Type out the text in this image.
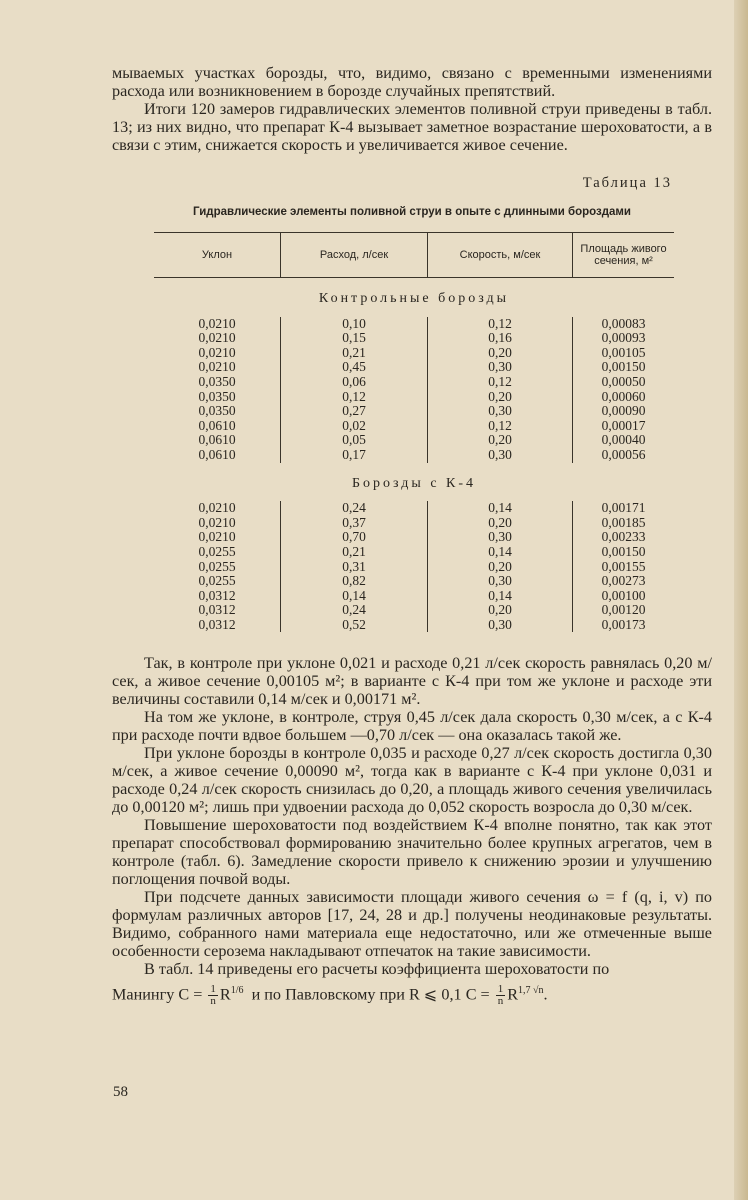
мываемых участках борозды, что, видимо, связано с временными изменениями расхода или возникновением в борозде случайных препятствий.

Итоги 120 замеров гидравлических элементов поливной струи приведены в табл. 13; из них видно, что препарат К-4 вызывает заметное возрастание шероховатости, а в связи с этим, снижается скорость и увеличивается живое сечение.

Таблица 13
Гидравлические элементы поливной струи в опыте с длинными бороздами
Уклон	Расход, л/сек	Скорость, м/сек	Площадь живого сечения, м²
Контрольные борозды			
0,0210	0,10	0,12	0,00083
0,0210	0,15	0,16	0,00093
0,0210	0,21	0,20	0,00105
0,0210	0,45	0,30	0,00150
0,0350	0,06	0,12	0,00050
0,0350	0,12	0,20	0,00060
0,0350	0,27	0,30	0,00090
0,0610	0,02	0,12	0,00017
0,0610	0,05	0,20	0,00040
0,0610	0,17	0,30	0,00056
Борозды с К-4			
0,0210	0,24	0,14	0,00171
0,0210	0,37	0,20	0,00185
0,0210	0,70	0,30	0,00233
0,0255	0,21	0,14	0,00150
0,0255	0,31	0,20	0,00155
0,0255	0,82	0,30	0,00273
0,0312	0,14	0,14	0,00100
0,0312	0,24	0,20	0,00120
0,0312	0,52	0,30	0,00173

Так, в контроле при уклоне 0,021 и расходе 0,21 л/сек скорость равнялась 0,20 м/сек, а живое сечение 0,00105 м²; в варианте с К-4 при том же уклоне и расходе эти величины составили 0,14 м/сек и 0,00171 м².

На том же уклоне, в контроле, струя 0,45 л/сек дала скорость 0,30 м/сек, а с К-4 при расходе почти вдвое большем —0,70 л/сек — она оказалась такой же.

При уклоне борозды в контроле 0,035 и расходе 0,27 л/сек скорость достигла 0,30 м/сек, а живое сечение 0,00090 м², тогда как в варианте с К-4 при уклоне 0,031 и расходе 0,24 л/сек скорость снизилась до 0,20, а площадь живого сечения увеличилась до 0,00120 м²; лишь при удвоении расхода до 0,052 скорость возросла до 0,30 м/сек.

Повышение шероховатости под воздействием К-4 вполне понятно, так как этот препарат способствовал формированию значительно более крупных агрегатов, чем в контроле (табл. 6). Замедление скорости привело к снижению эрозии и улучшению поглощения почвой воды.

При подсчете данных зависимости площади живого сечения ω = f (q, i, v) по формулам различных авторов [17, 24, 28 и др.] получены неодинаковые результаты. Видимо, собранного нами материала еще недостаточно, или же отмеченные выше особенности серозема накладывают отпечаток на такие зависимости.

В табл. 14 приведены его расчеты коэффициента шероховатости по

Манингу $C = \frac{1}{n} R^{1/6}$ и по Павловскому при R ⩽ 0,1 $C = \frac{1}{n} R^{1,7 √n}$.

58
